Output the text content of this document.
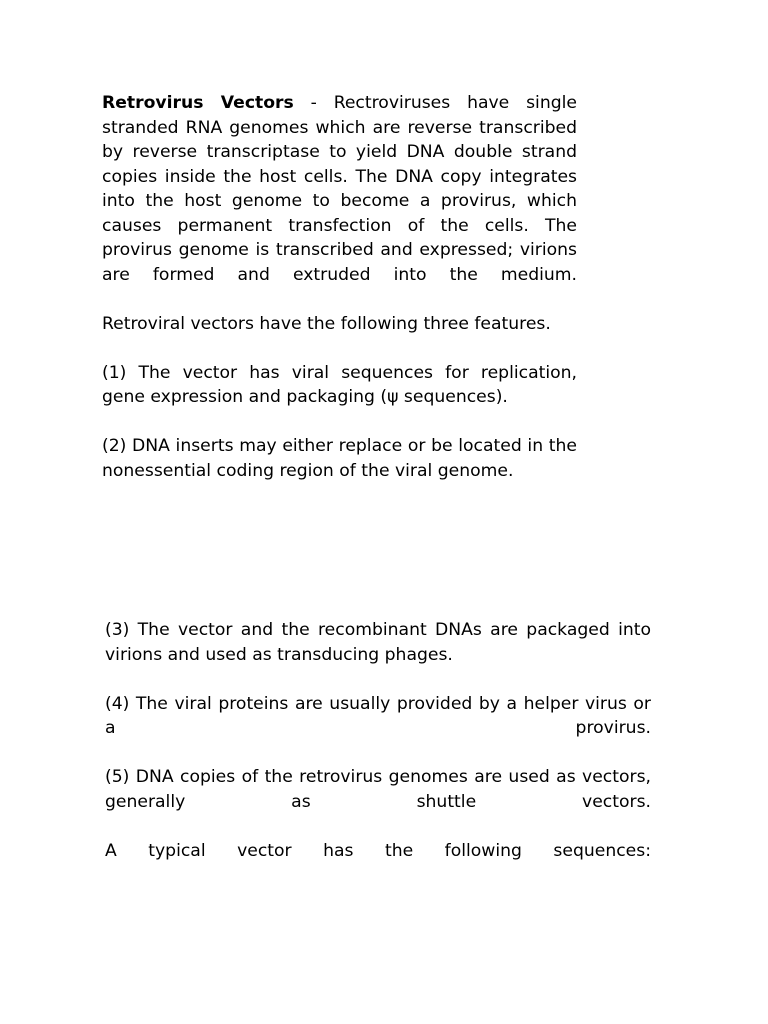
Retrovirus Vectors - Rectroviruses have single stranded RNA genomes which are reverse transcribed by reverse transcriptase to yield DNA double strand copies inside the host cells. The DNA copy integrates into the host genome to become a provirus, which causes permanent transfection of the cells. The provirus genome is transcribed and expressed; virions are formed and extruded into the medium.

Retroviral vectors have the following three features.

(1) The vector has viral sequences for replication, gene expression and packaging (ψ sequences).

(2) DNA inserts may either replace or be located in the nonessential coding region of the viral genome.

(3) The vector and the recombinant DNAs are packaged into virions and used as transducing phages.

(4) The viral proteins are usually provided by a helper virus or a provirus.

(5) DNA copies of the retrovirus genomes are used as vectors, generally as shuttle vectors.

A typical vector has the following sequences:
